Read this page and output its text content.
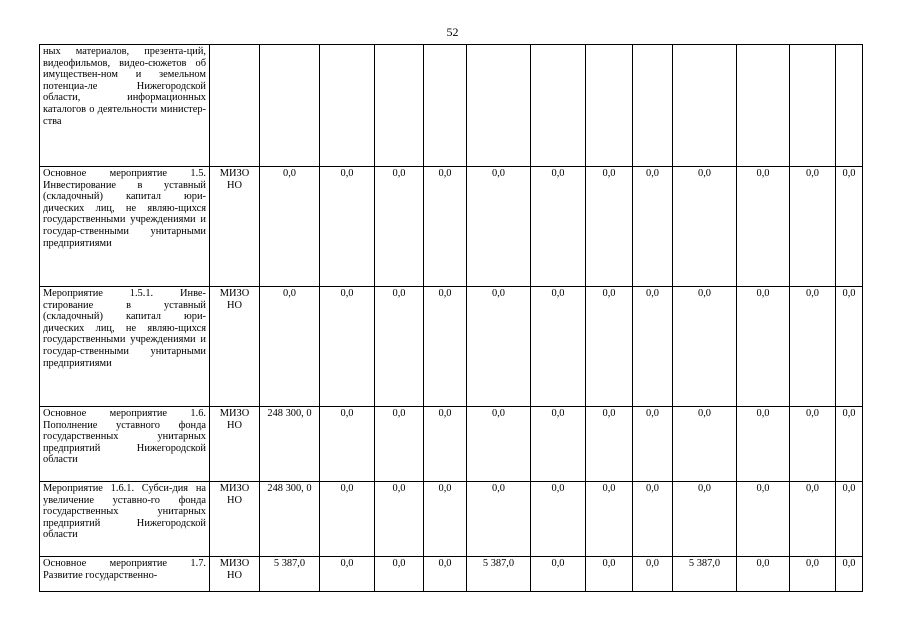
52
ных материалов, презента-ций, видеофильмов, видео-сюжетов об имуществен-ном и земельном потенциа-ле Нижегородской области, информационных каталогов о деятельности министер-ства													
Основное мероприятие 1.5. Инвестирование в уставный (складочный) капитал юри-дических лиц, не являю-щихся государственными учреждениями и государ-ственными унитарными предприятиями	МИЗО НО	0,0	0,0	0,0	0,0	0,0	0,0	0,0	0,0	0,0	0,0	0,0	0,0
Мероприятие 1.5.1. Инве-стирование в уставный (складочный) капитал юри-дических лиц, не являю-щихся государственными учреждениями и государ-ственными унитарными предприятиями	МИЗО НО	0,0	0,0	0,0	0,0	0,0	0,0	0,0	0,0	0,0	0,0	0,0	0,0
Основное мероприятие 1.6. Пополнение уставного фонда государственных унитарных предприятий Нижегородской области	МИЗО НО	248 300, 0	0,0	0,0	0,0	0,0	0,0	0,0	0,0	0,0	0,0	0,0	0,0
Мероприятие 1.6.1. Субси-дия на увеличение уставно-го фонда государственных унитарных предприятий Нижегородской области	МИЗО НО	248 300, 0	0,0	0,0	0,0	0,0	0,0	0,0	0,0	0,0	0,0	0,0	0,0
Основное мероприятие 1.7. Развитие государственно-	МИЗО НО	5 387,0	0,0	0,0	0,0	5 387,0	0,0	0,0	0,0	5 387,0	0,0	0,0	0,0
